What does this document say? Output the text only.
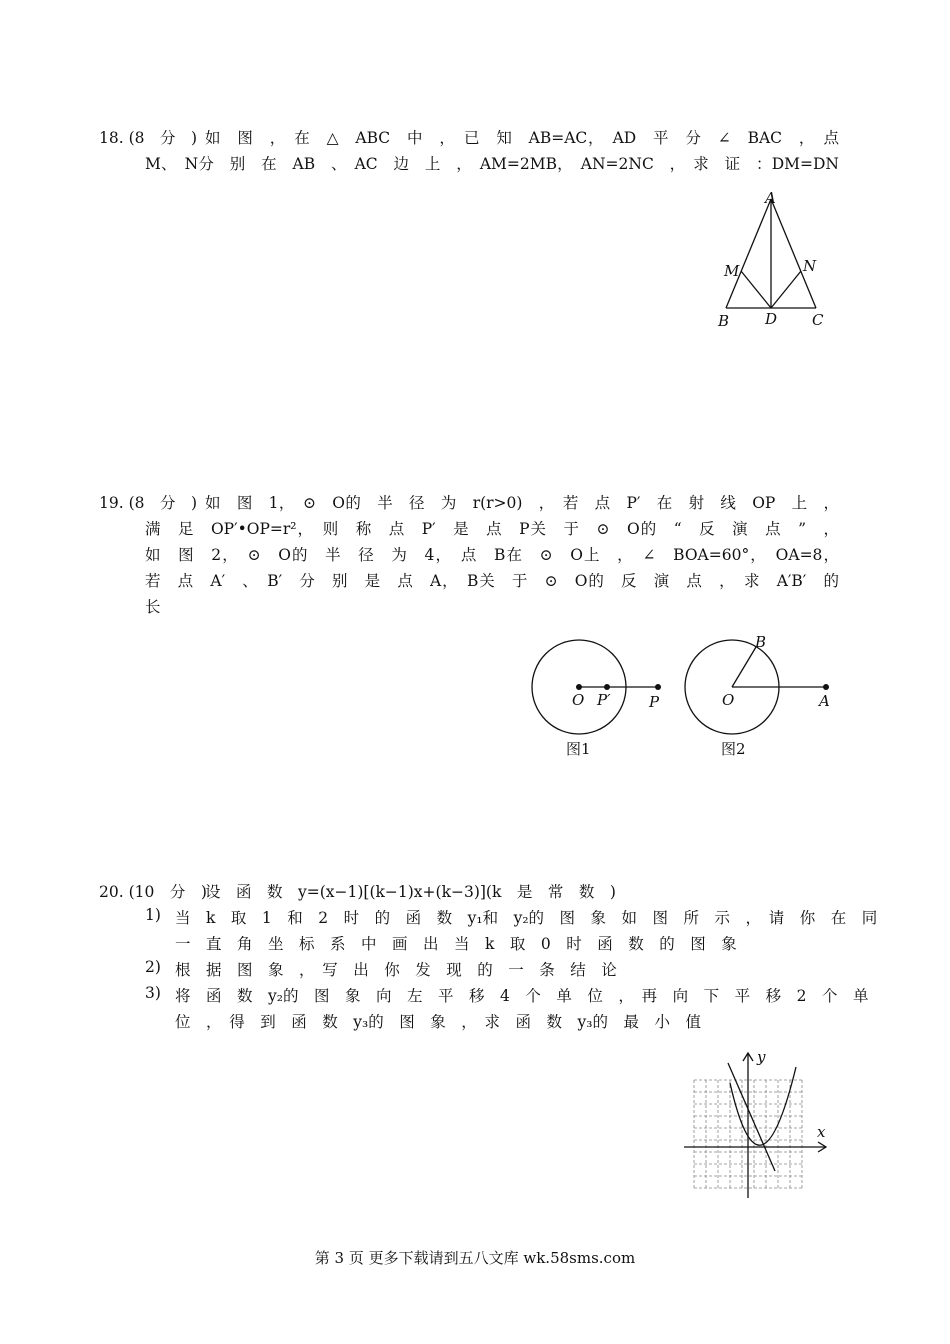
18. (8　分　) 如　图　，　在　△　ABC　中　，　已　知　AB=AC，　AD　平　分　∠　BAC　，　点
M、　N分　别　在　AB　、　AC　边　上　，　AM=2MB，　AN=2NC　，　求　证　：DM=DN
A
M	N
B D C
19. (8　分　) 如　图　1，　⊙　O的　半　径　为　r(r>0)　，　若　点　P′　在　射　线　OP　上　，
满　足　OP′•OP=r²，　则　称　点　P′　是　点　P关　于　⊙　O的　“　反　演　点　”　，
如　图　2，　⊙　O的　半　径　为　4，　点　B在　⊙　O上　，　∠　BOA=60°，　OA=8，
若　点　A′　、　B′　分　别　是　点　A，　B关　于　⊙　O的　反　演　点　，　求　A′B′　的
长
O P′	P	O
B
A
图1	图2
20. (10　分　)
设　函　数　y=(x−1)[(k−1)x+(k−3)](k　是　常　数　)
1) 当　k　取　1　和　2　时　的　函　数　y₁和　y₂的　图　象　如　图　所　示　，　请　你　在　同
一　直　角　坐　标　系　中　画　出　当　k　取　0　时　函　数　的　图　象
2) 根　据　图　象　，　写　出　你　发　现　的　一　条　结　论
3) 将　函　数　y₂的　图　象　向　左　平　移　4　个　单　位　，　再　向　下　平　移　2　个　单
位　，　得　到　函　数　y₃的　图　象　，　求　函　数　y₃的　最　小　值
x
y
第 3 页 更多下载请到五八文库 wk.58sms.com
